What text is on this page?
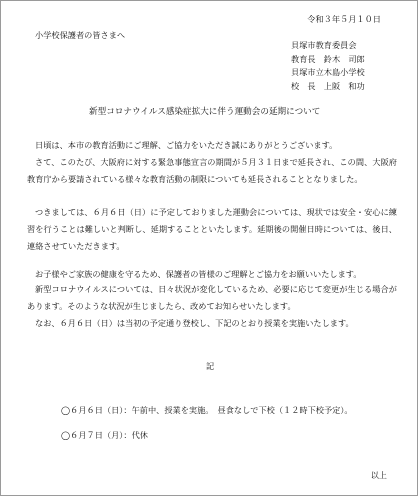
令和３年５月１０日
小学校保護者の皆さまへ
貝塚市教育委員会
教育長　鈴木　司郎
貝塚市立木島小学校
校　長　上阪　和功
新型コロナウイルス感染症拡大に伴う運動会の延期について
日頃は、本市の教育活動にご理解、ご協力をいただき誠にありがとうございます。
さて、このたび、大阪府に対する緊急事態宣言の期間が５月３１日まで延長され、この間、大阪府教育庁から要請されている様々な教育活動の制限についても延長されることとなりました。
つきましては、６月６日（日）に予定しておりました運動会については、現状では安全・安心に練習を行うことは難しいと判断し、延期することといたします。延期後の開催日時については、後日、連絡させていただきます。
お子様やご家族の健康を守るため、保護者の皆様のご理解とご協力をお願いいたします。
新型コロナウイルスについては、日々状況が変化しているため、必要に応じて変更が生じる場合があります。そのような状況が生じましたら、改めてお知らせいたします。
なお、６月６日（日）は当初の予定通り登校し、下記のとおり授業を実施いたします。
記
◯６月６日（日）：午前中、授業を実施。　昼食なしで下校（１２時下校予定）。
◯６月７日（月）：代休
以上
